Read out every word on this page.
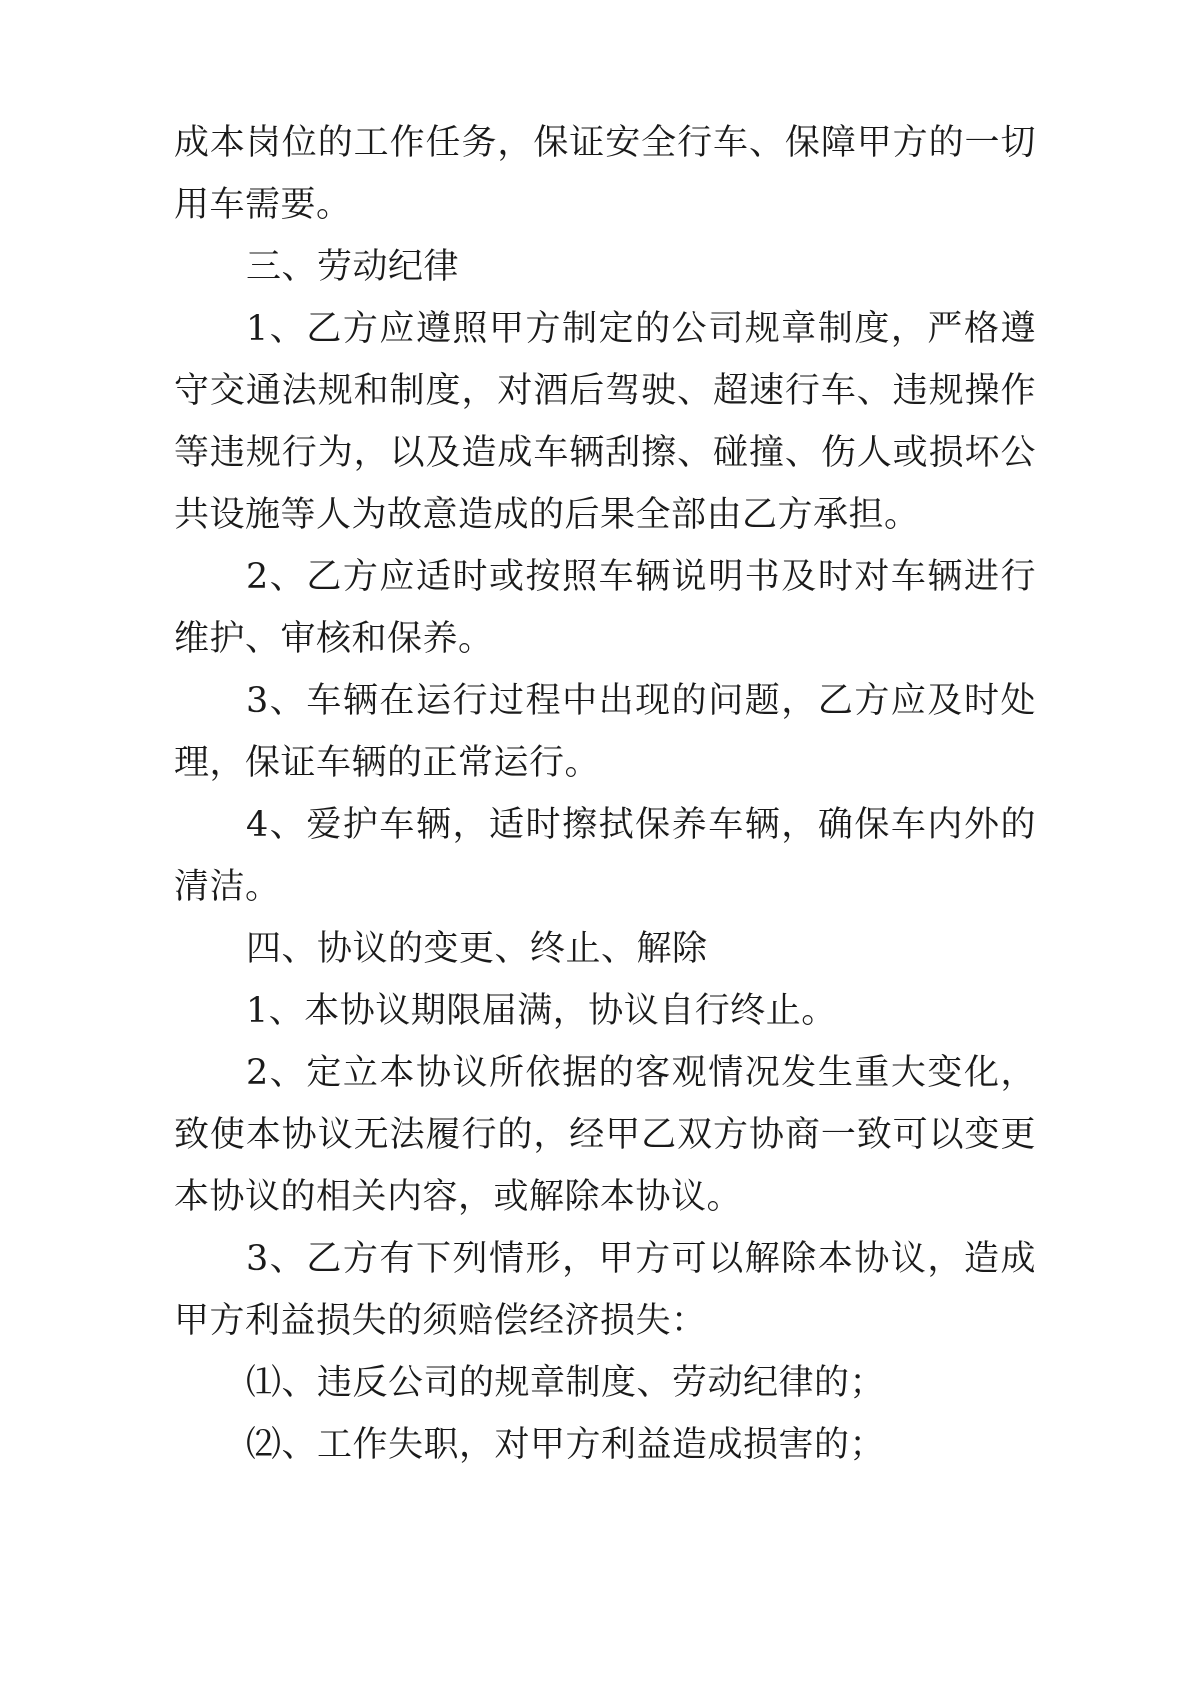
成本岗位的工作任务，保证安全行车、保障甲方的一切用车需要。

三、劳动纪律

1、乙方应遵照甲方制定的公司规章制度，严格遵守交通法规和制度，对酒后驾驶、超速行车、违规操作等违规行为，以及造成车辆刮擦、碰撞、伤人或损坏公共设施等人为故意造成的后果全部由乙方承担。

2、乙方应适时或按照车辆说明书及时对车辆进行维护、审核和保养。

3、车辆在运行过程中出现的问题，乙方应及时处理，保证车辆的正常运行。

4、爱护车辆，适时擦拭保养车辆，确保车内外的清洁。

四、协议的变更、终止、解除

1、本协议期限届满，协议自行终止。

2、定立本协议所依据的客观情况发生重大变化，致使本协议无法履行的，经甲乙双方协商一致可以变更本协议的相关内容，或解除本协议。

3、乙方有下列情形，甲方可以解除本协议，造成甲方利益损失的须赔偿经济损失：

⑴、违反公司的规章制度、劳动纪律的；

⑵、工作失职，对甲方利益造成损害的；
